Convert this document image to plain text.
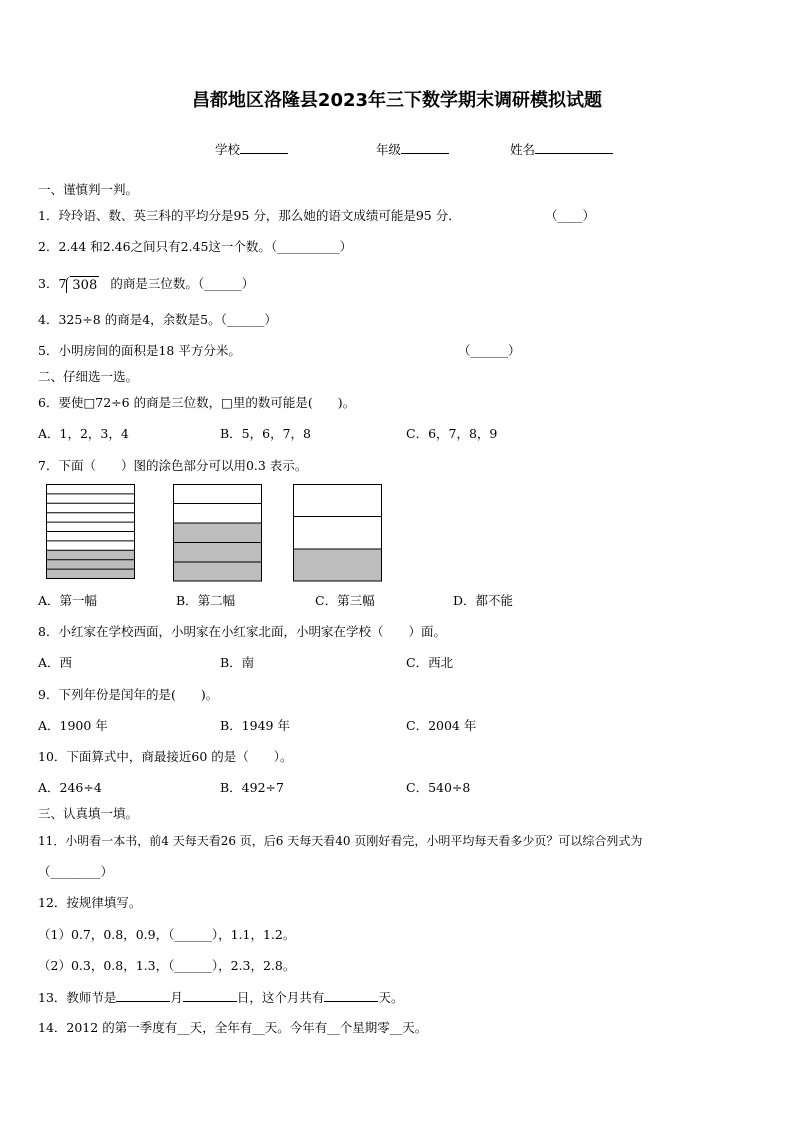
昌都地区洛隆县2023年三下数学期末调研模拟试题
学校	年级	姓名
一、谨慎判一判。
1．玲玲语、数、英三科的平均分是95 分，那么她的语文成绩可能是95 分．	（____）
2．2.44 和2.46之间只有2.45这一个数。（__________）
3．7 308 的商是三位数。（______）
4．325÷8 的商是4，余数是5。（______）
5．小明房间的面积是18 平方分米。	（______）
二、仔细选一选。
6．要使□72÷6 的商是三位数，□里的数可能是(　　)。
A．1，2，3，4	B．5，6，7，8	C．6，7，8，9
7．下面（　　）图的涂色部分可以用0.3 表示。
A．第一幅	B．第二幅	C．第三幅	D．都不能
8．小红家在学校西面，小明家在小红家北面，小明家在学校（　　）面。
A．西	B．南	C．西北
9．下列年份是闰年的是(　　)。
A．1900 年	B．1949 年	C．2004 年
10．下面算式中，商最接近60 的是（　　）。
A．246÷4	B．492÷7	C．540÷8
三、认真填一填。
11．小明看一本书，前4 天每天看26 页，后6 天每天看40 页刚好看完，小明平均每天看多少页？可以综合列式为
（________）
12．按规律填写。
（1）0.7，0.8，0.9，（______），1.1，1.2。
（2）0.3，0.8，1.3，（______），2.3，2.8。
13．教师节是	月	日，这个月共有	天。
14．2012 的第一季度有__天，全年有__天。今年有__个星期零__天。
